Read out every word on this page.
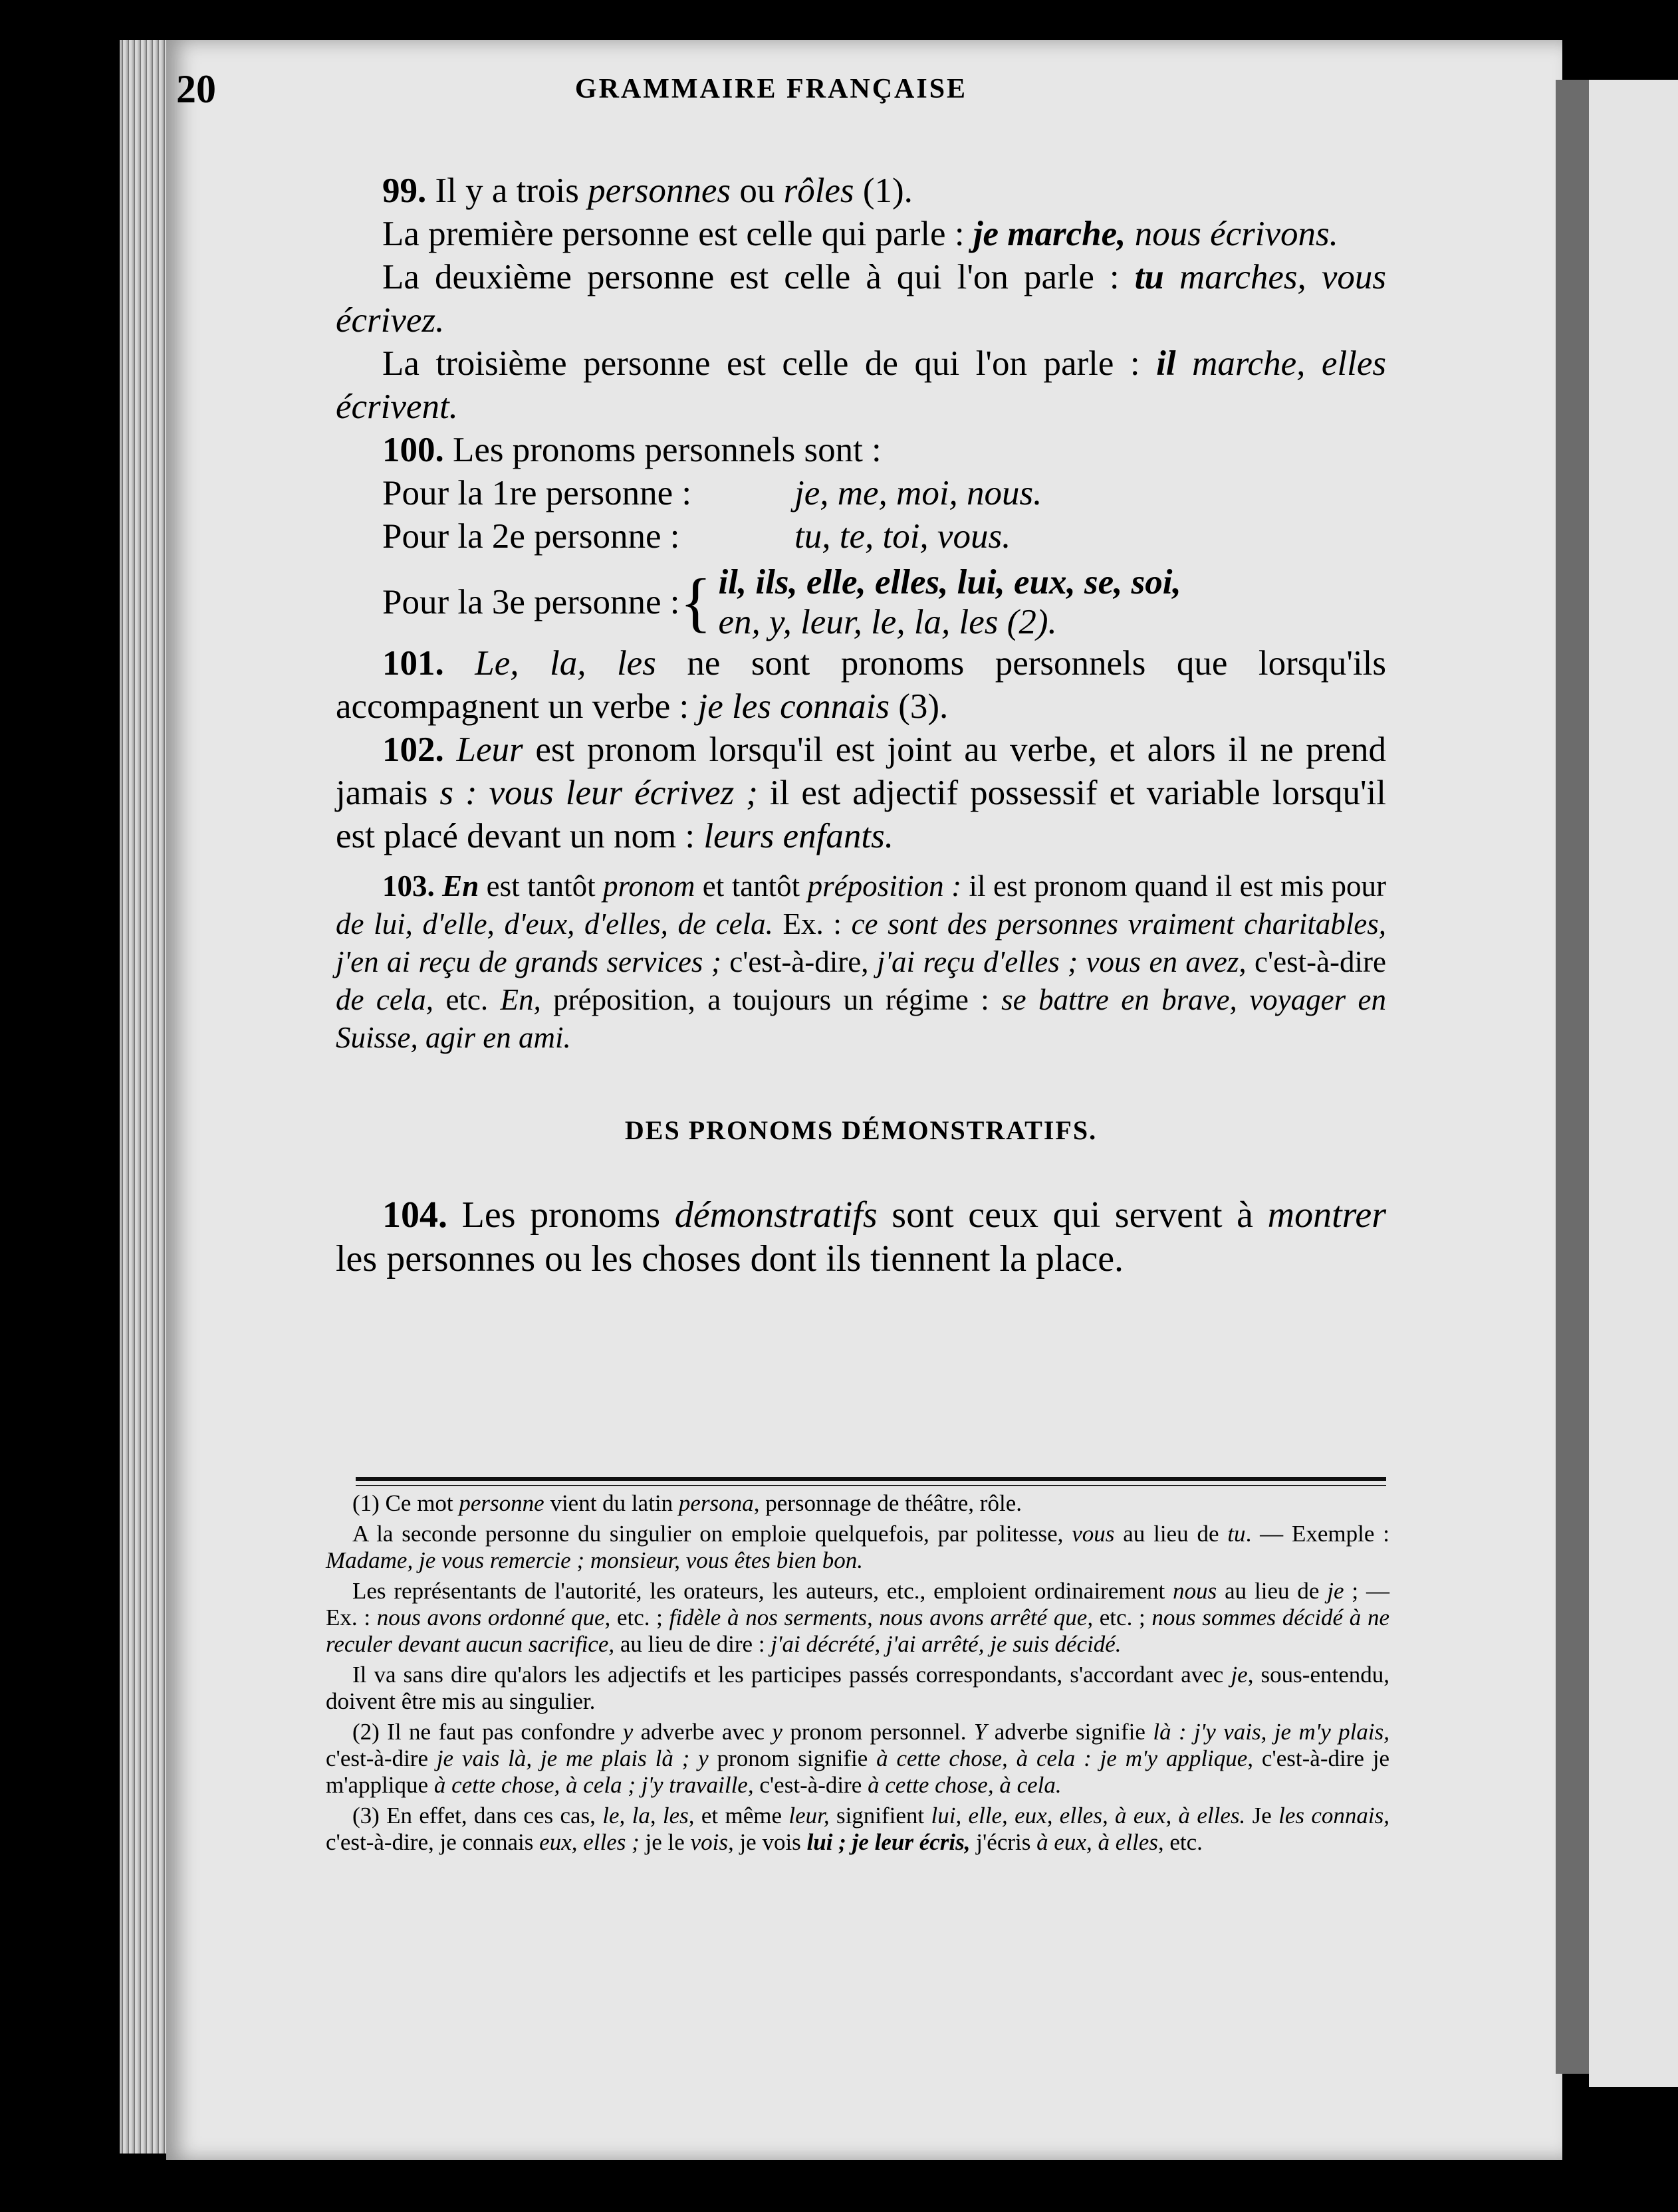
20	GRAMMAIRE FRANÇAISE

99. Il y a trois personnes ou rôles (1).

La première personne est celle qui parle : je marche, nous écrivons.

La deuxième personne est celle à qui l'on parle : tu marches, vous écrivez.

La troisième personne est celle de qui l'on parle : il marche, elles écrivent.

100. Les pronoms personnels sont :

Pour la 1re personne :	je, me, moi, nous.
Pour la 2e personne :	tu, te, toi, vous.
Pour la 3e personne : { il, ils, elle, elles, lui, eux, se, soi,
en, y, leur, le, la, les (2).

101. Le, la, les ne sont pronoms personnels que lorsqu'ils accompagnent un verbe : je les connais (3).

102. Leur est pronom lorsqu'il est joint au verbe, et alors il ne prend jamais s : vous leur écrivez ; il est adjectif possessif et variable lorsqu'il est placé devant un nom : leurs enfants.

103. En est tantôt pronom et tantôt préposition : il est pronom quand il est mis pour de lui, d'elle, d'eux, d'elles, de cela. Ex. : ce sont des personnes vraiment charitables, j'en ai reçu de grands services ; c'est-à-dire, j'ai reçu d'elles ; vous en avez, c'est-à-dire de cela, etc. En, préposition, a toujours un régime : se battre en brave, voyager en Suisse, agir en ami.

DES PRONOMS DÉMONSTRATIFS.

104. Les pronoms démonstratifs sont ceux qui servent à montrer les personnes ou les choses dont ils tiennent la place.

(1) Ce mot personne vient du latin persona, personnage de théâtre, rôle.

A la seconde personne du singulier on emploie quelquefois, par politesse, vous au lieu de tu. — Exemple : Madame, je vous remercie ; monsieur, vous êtes bien bon.

Les représentants de l'autorité, les orateurs, les auteurs, etc., emploient ordinairement nous au lieu de je ; — Ex. : nous avons ordonné que, etc. ; fidèle à nos serments, nous avons arrêté que, etc. ; nous sommes décidé à ne reculer devant aucun sacrifice, au lieu de dire : j'ai décrété, j'ai arrêté, je suis décidé.

Il va sans dire qu'alors les adjectifs et les participes passés correspondants, s'accordant avec je, sous-entendu, doivent être mis au singulier.

(2) Il ne faut pas confondre y adverbe avec y pronom personnel. Y adverbe signifie là : j'y vais, je m'y plais, c'est-à-dire je vais là, je me plais là ; y pronom signifie à cette chose, à cela : je m'y applique, c'est-à-dire je m'applique à cette chose, à cela ; j'y travaille, c'est-à-dire à cette chose, à cela.

(3) En effet, dans ces cas, le, la, les, et même leur, signifient lui, elle, eux, elles, à eux, à elles. Je les connais, c'est-à-dire, je connais eux, elles ; je le vois, je vois lui ; je leur écris, j'écris à eux, à elles, etc.
